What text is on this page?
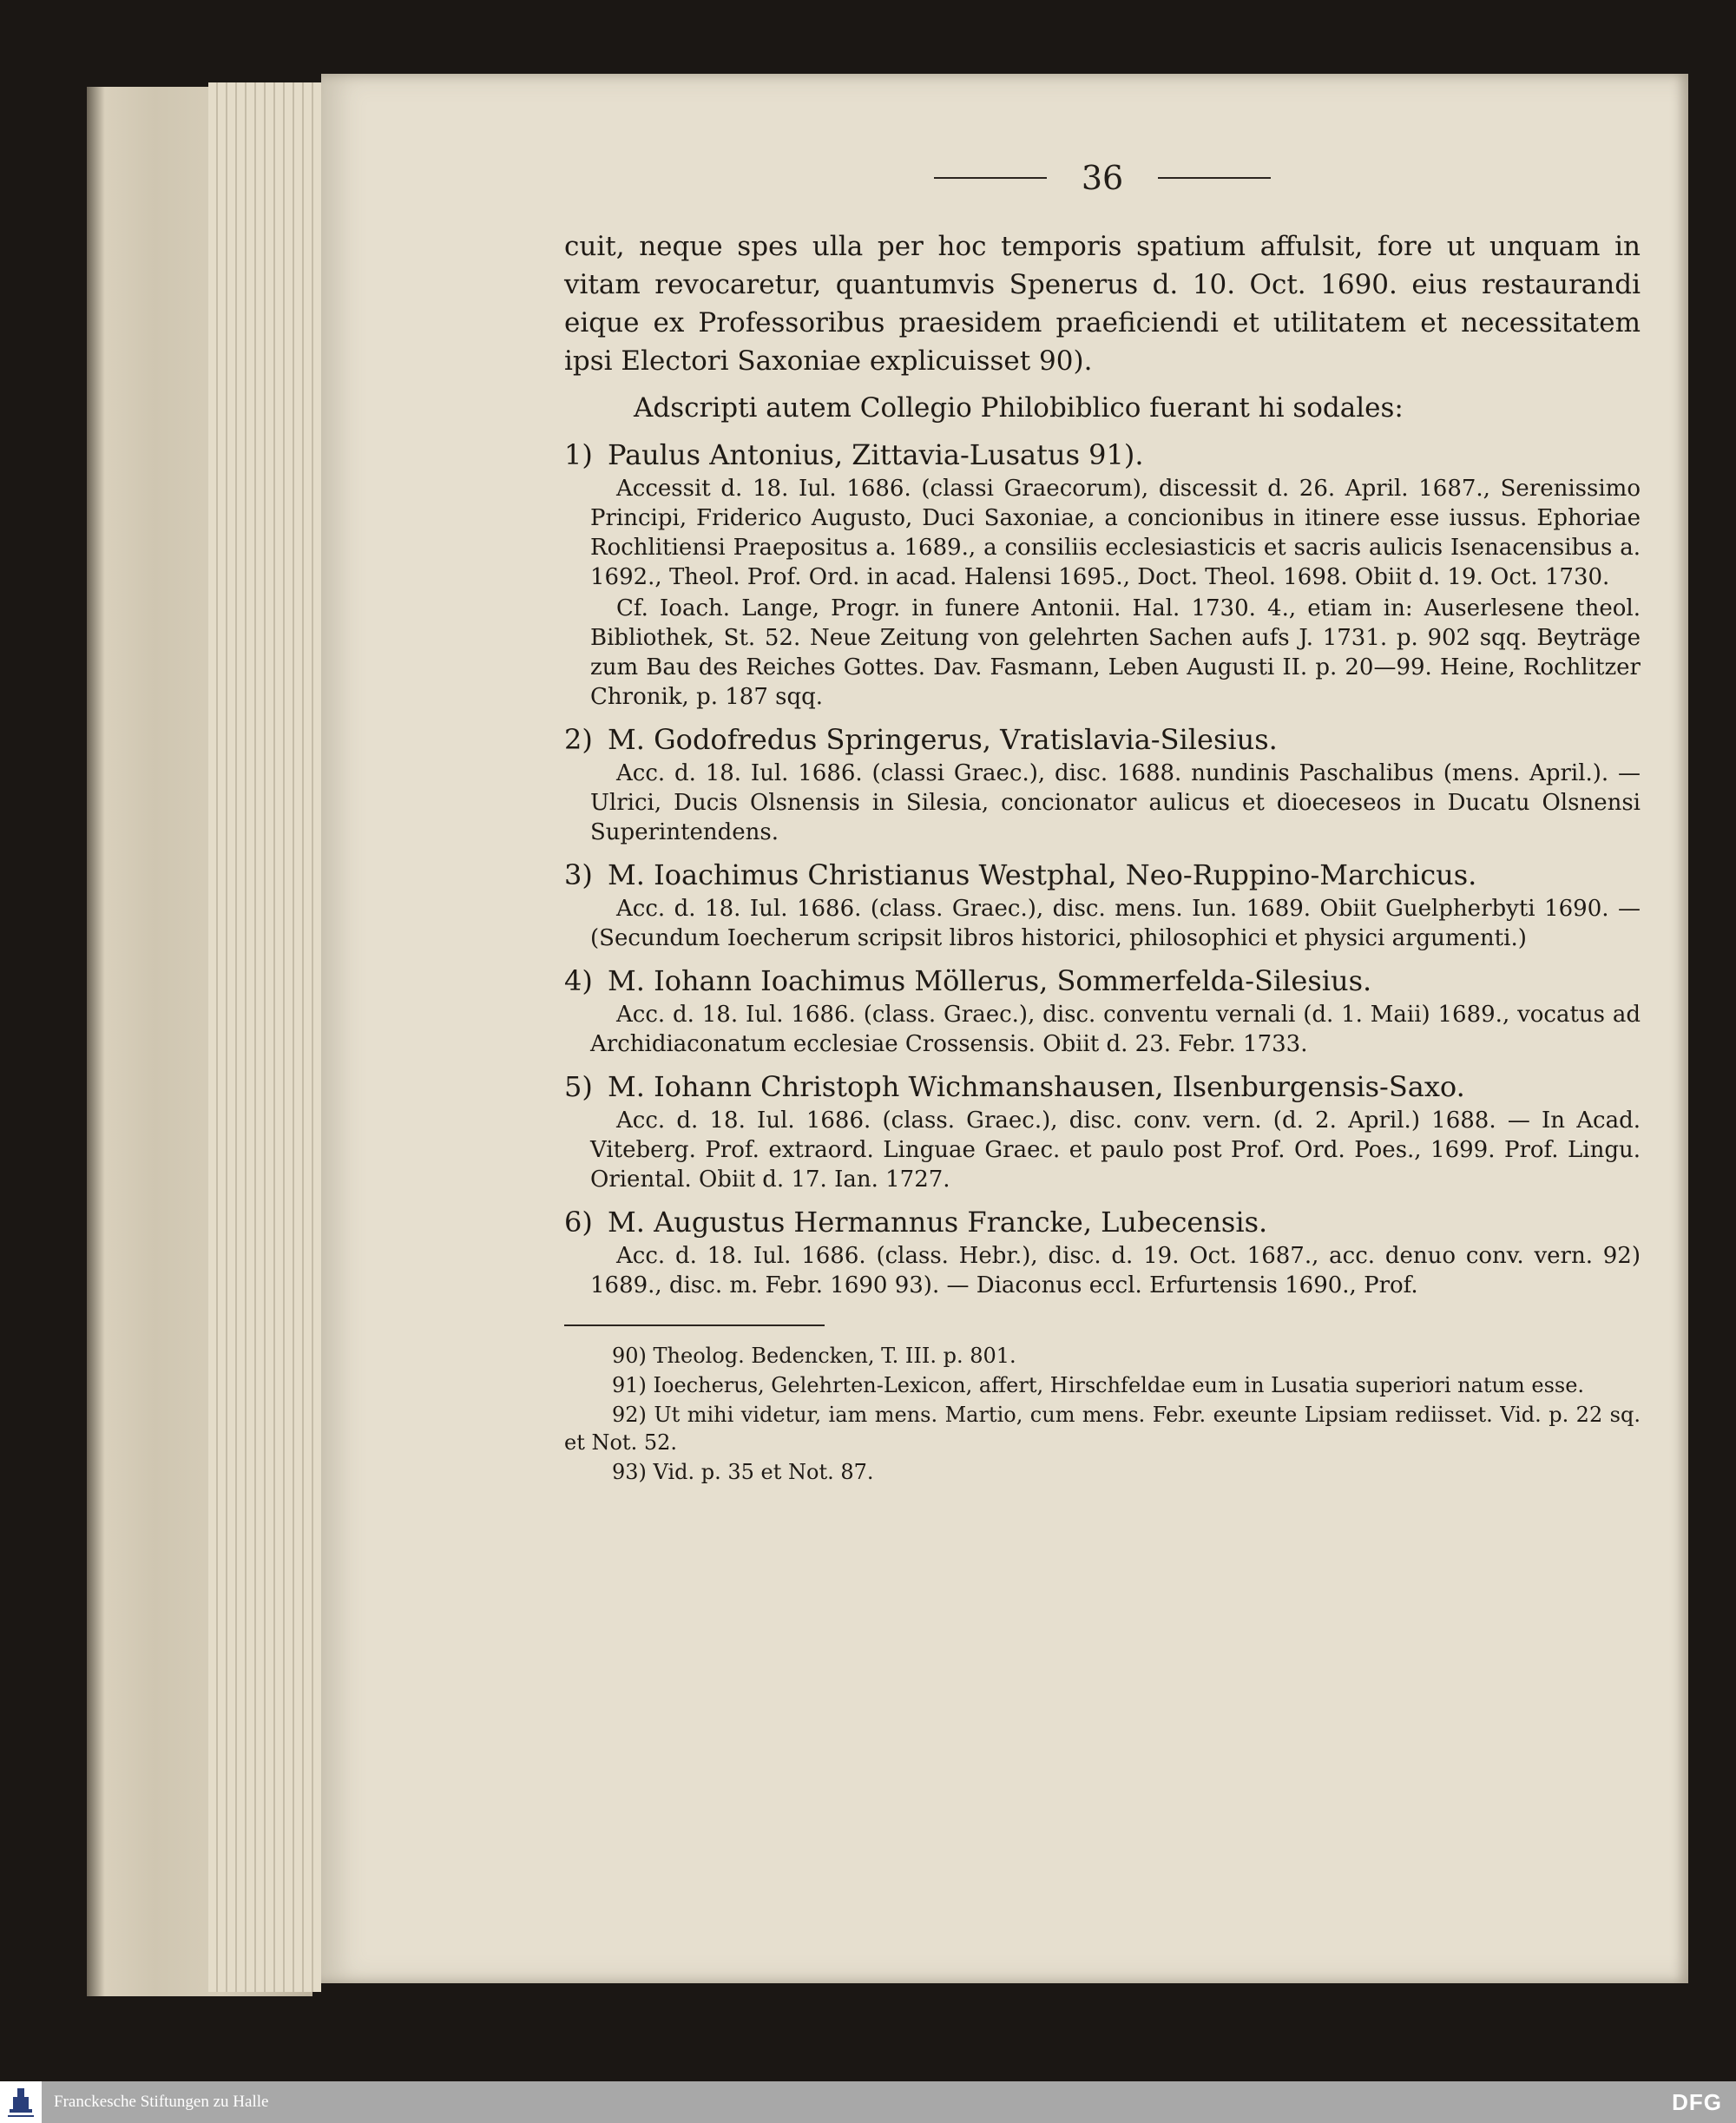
36

cuit, neque spes ulla per hoc temporis spatium affulsit, fore ut unquam in vitam revocaretur, quantumvis Spenerus d. 10. Oct. 1690. eius restaurandi eique ex Professoribus praesidem praeficiendi et utilitatem et necessitatem ipsi Electori Saxoniae explicuisset 90).

Adscripti autem Collegio Philobiblico fuerant hi sodales:

1) Paulus Antonius, Zittavia-Lusatus 91).

Accessit d. 18. Iul. 1686. (classi Graecorum), discessit d. 26. April. 1687., Serenissimo Principi, Friderico Augusto, Duci Saxoniae, a concionibus in itinere esse iussus. Ephoriae Rochlitiensi Praepositus a. 1689., a consiliis ecclesiasticis et sacris aulicis Isenacensibus a. 1692., Theol. Prof. Ord. in acad. Halensi 1695., Doct. Theol. 1698. Obiit d. 19. Oct. 1730.

Cf. Ioach. Lange, Progr. in funere Antonii. Hal. 1730. 4., etiam in: Auserlesene theol. Bibliothek, St. 52. Neue Zeitung von gelehrten Sachen aufs J. 1731. p. 902 sqq. Beyträge zum Bau des Reiches Gottes. Dav. Fasmann, Leben Augusti II. p. 20—99. Heine, Rochlitzer Chronik, p. 187 sqq.

2) M. Godofredus Springerus, Vratislavia-Silesius.

Acc. d. 18. Iul. 1686. (classi Graec.), disc. 1688. nundinis Paschalibus (mens. April.). — Ulrici, Ducis Olsnensis in Silesia, concionator aulicus et dioeceseos in Ducatu Olsnensi Superintendens.

3) M. Ioachimus Christianus Westphal, Neo-Ruppino-Marchicus.

Acc. d. 18. Iul. 1686. (class. Graec.), disc. mens. Iun. 1689. Obiit Guelpherbyti 1690. — (Secundum Ioecherum scripsit libros historici, philosophici et physici argumenti.)

4) M. Iohann Ioachimus Möllerus, Sommerfelda-Silesius.

Acc. d. 18. Iul. 1686. (class. Graec.), disc. conventu vernali (d. 1. Maii) 1689., vocatus ad Archidiaconatum ecclesiae Crossensis. Obiit d. 23. Febr. 1733.

5) M. Iohann Christoph Wichmanshausen, Ilsenburgensis-Saxo.

Acc. d. 18. Iul. 1686. (class. Graec.), disc. conv. vern. (d. 2. April.) 1688. — In Acad. Viteberg. Prof. extraord. Linguae Graec. et paulo post Prof. Ord. Poes., 1699. Prof. Lingu. Oriental. Obiit d. 17. Ian. 1727.

6) M. Augustus Hermannus Francke, Lubecensis.

Acc. d. 18. Iul. 1686. (class. Hebr.), disc. d. 19. Oct. 1687., acc. denuo conv. vern. 92) 1689., disc. m. Febr. 1690 93). — Diaconus eccl. Erfurtensis 1690., Prof.

90) Theolog. Bedencken, T. III. p. 801.

91) Ioecherus, Gelehrten-Lexicon, affert, Hirschfeldae eum in Lusatia superiori natum esse.

92) Ut mihi videtur, iam mens. Martio, cum mens. Febr. exeunte Lipsiam rediisset. Vid. p. 22 sq. et Not. 52.

93) Vid. p. 35 et Not. 87.

Franckesche Stiftungen zu Halle	DFG
